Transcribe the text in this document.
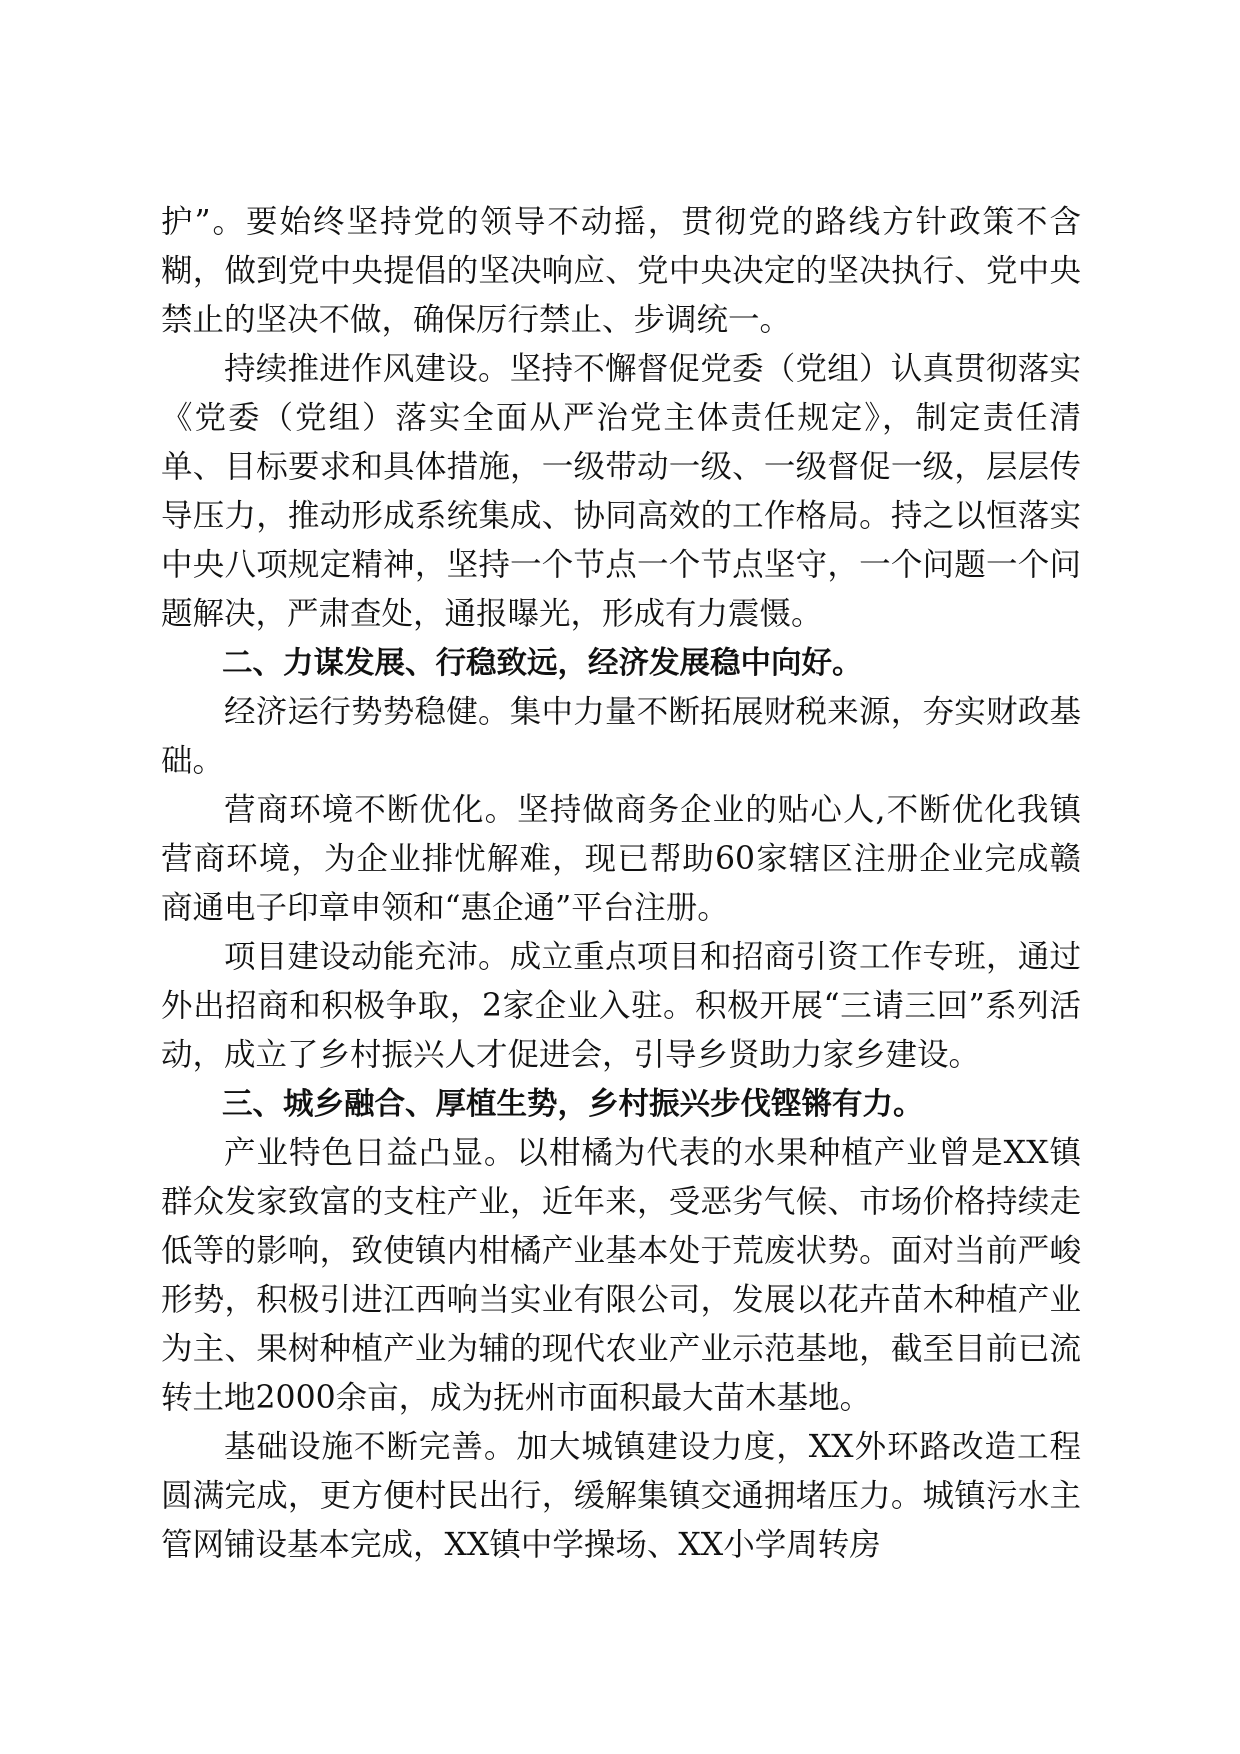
护”。要始终坚持党的领导不动摇，贯彻党的路线方针政策不含糊，做到党中央提倡的坚决响应、党中央决定的坚决执行、党中央禁止的坚决不做，确保厉行禁止、步调统一。

持续推进作风建设。坚持不懈督促党委（党组）认真贯彻落实《党委（党组）落实全面从严治党主体责任规定》，制定责任清单、目标要求和具体措施，一级带动一级、一级督促一级，层层传导压力，推动形成系统集成、协同高效的工作格局。持之以恒落实中央八项规定精神，坚持一个节点一个节点坚守，一个问题一个问题解决，严肃查处，通报曝光，形成有力震慑。

二、力谋发展、行稳致远，经济发展稳中向好。

经济运行势势稳健。集中力量不断拓展财税来源，夯实财政基础。

营商环境不断优化。坚持做商务企业的贴心人,不断优化我镇营商环境，为企业排忧解难，现已帮助60家辖区注册企业完成赣商通电子印章申领和“惠企通”平台注册。

项目建设动能充沛。成立重点项目和招商引资工作专班，通过外出招商和积极争取，2家企业入驻。积极开展“三请三回”系列活动，成立了乡村振兴人才促进会，引导乡贤助力家乡建设。

三、城乡融合、厚植生势，乡村振兴步伐铿锵有力。

产业特色日益凸显。以柑橘为代表的水果种植产业曾是XX镇群众发家致富的支柱产业，近年来，受恶劣气候、市场价格持续走低等的影响，致使镇内柑橘产业基本处于荒废状势。面对当前严峻形势，积极引进江西响当实业有限公司，发展以花卉苗木种植产业为主、果树种植产业为辅的现代农业产业示范基地，截至目前已流转土地2000余亩，成为抚州市面积最大苗木基地。

基础设施不断完善。加大城镇建设力度，XX外环路改造工程圆满完成，更方便村民出行，缓解集镇交通拥堵压力。城镇污水主管网铺设基本完成，XX镇中学操场、XX小学周转房
